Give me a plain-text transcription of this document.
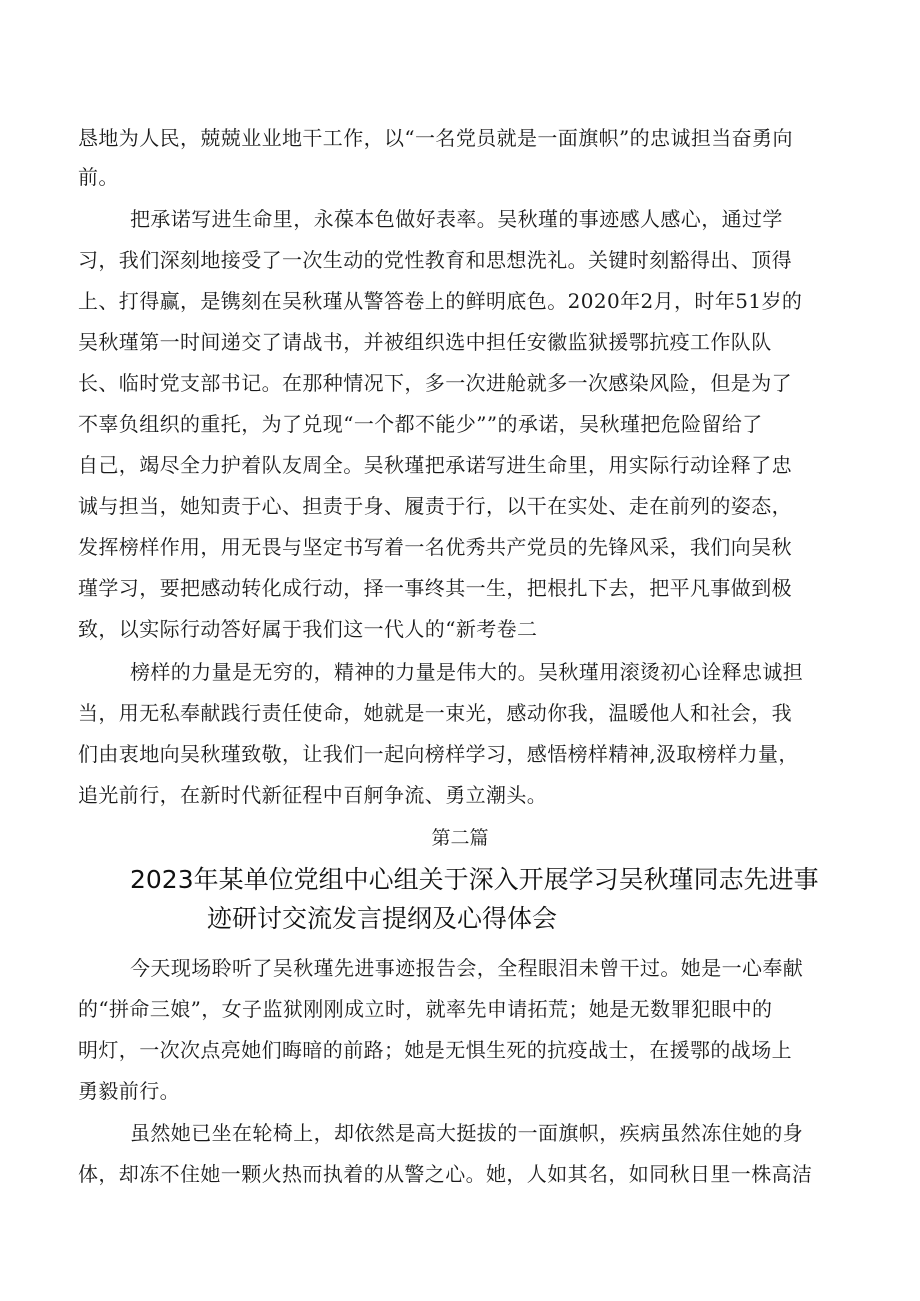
恳地为人民，兢兢业业地干工作，以“一名党员就是一面旗帜”的忠诚担当奋勇向
前。
把承诺写进生命里，永葆本色做好表率。吴秋瑾的事迹感人感心，通过学
习，我们深刻地接受了一次生动的党性教育和思想洗礼。关键时刻豁得出、顶得
上、打得赢，是镌刻在吴秋瑾从警答卷上的鲜明底色。2020年2月，时年51岁的
吴秋瑾第一时间递交了请战书，并被组织选中担任安徽监狱援鄂抗疫工作队队
长、临时党支部书记。在那种情况下，多一次进舱就多一次感染风险，但是为了
不辜负组织的重托，为了兑现“一个都不能少””的承诺，吴秋瑾把危险留给了
自己，竭尽全力护着队友周全。吴秋瑾把承诺写进生命里，用实际行动诠释了忠
诚与担当，她知责于心、担责于身、履责于行，以干在实处、走在前列的姿态，
发挥榜样作用，用无畏与坚定书写着一名优秀共产党员的先锋风采，我们向吴秋
瑾学习，要把感动转化成行动，择一事终其一生，把根扎下去，把平凡事做到极
致，以实际行动答好属于我们这一代人的“新考卷二
榜样的力量是无穷的，精神的力量是伟大的。吴秋瑾用滚烫初心诠释忠诚担
当，用无私奉献践行责任使命，她就是一束光，感动你我，温暖他人和社会，我
们由衷地向吴秋瑾致敬，让我们一起向榜样学习，感悟榜样精神,汲取榜样力量，
追光前行，在新时代新征程中百舸争流、勇立潮头。
第二篇
2023年某单位党组中心组关于深入开展学习吴秋瑾同志先进事
迹研讨交流发言提纲及心得体会
今天现场聆听了吴秋瑾先进事迹报告会，全程眼泪未曾干过。她是一心奉献
的“拼命三娘”，女子监狱刚刚成立时，就率先申请拓荒；她是无数罪犯眼中的
明灯，一次次点亮她们晦暗的前路；她是无惧生死的抗疫战士，在援鄂的战场上
勇毅前行。
虽然她已坐在轮椅上，却依然是高大挺拔的一面旗帜，疾病虽然冻住她的身
体，却冻不住她一颗火热而执着的从警之心。她，人如其名，如同秋日里一株高洁
